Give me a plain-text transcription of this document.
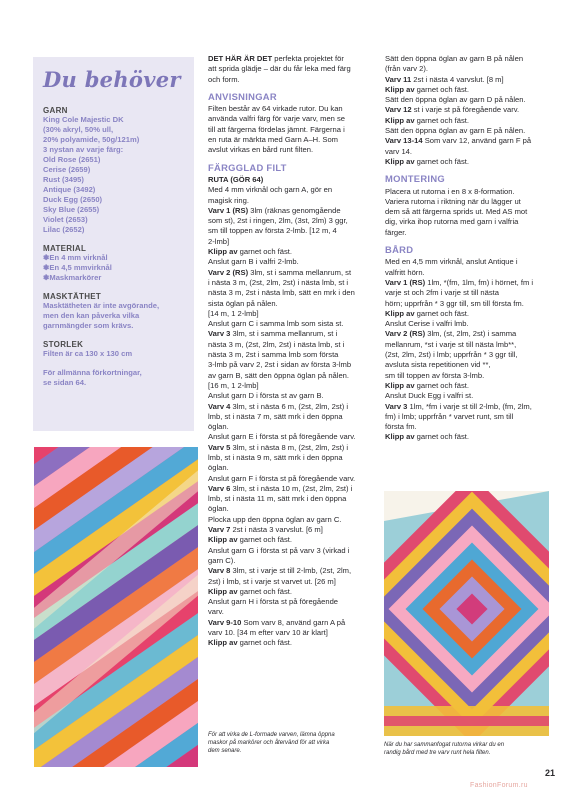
Du behöver
GARN
King Cole Majestic DK
(30% akryl, 50% ull,
20% polyamide, 50g/121m)
3 nystan av varje färg:
Old Rose (2651)
Cerise (2659)
Rust (3495)
Antique (3492)
Duck Egg (2650)
Sky Blue (2655)
Violet (2653)
Lilac (2652)
MATERIAL
❃ En 4 mm virknål
❃ En 4,5 mmvirknål
❃ Maskmarkörer
MASKTÄTHET
Masktätheten är inte avgörande,
men den kan påverka vilka
garnmängder som krävs.
STORLEK
Filten är ca 130 x 130 cm
För allmänna förkortningar,
se sidan 64.
DET HÄR ÄR DET perfekta projektet för
att sprida glädje – där du får leka med färg
och form.
ANVISNINGAR
Filten består av 64 virkade rutor. Du kan
använda valfri färg för varje varv, men se
till att färgerna fördelas jämnt. Färgerna i
en ruta är märkta med Garn A–H. Som
avslut virkas en bård runt filten.
FÄRGGLAD FILT
RUTA (GÖR 64)
Med 4 mm virknål och garn A, gör en
magisk ring.
Varv 1 (RS) 3lm (räknas genomgående
som st), 2st i ringen, 2lm, (3st, 2lm) 3 ggr,
sm till toppen av första 2-lmb. [12 m, 4
2-lmb]
Klipp av garnet och fäst.
Anslut garn B i valfri 2-lmb.
Varv 2 (RS) 3lm, st i samma mellanrum, st
i nästa 3 m, (2st, 2lm, 2st) i nästa lmb, st i
nästa 3 m, 2st i nästa lmb, sätt en mrk i den
sista öglan på nålen.
[14 m, 1 2-lmb]
Anslut garn C i samma lmb som sista st.
Varv 3 3lm, st i samma mellanrum, st i
nästa 3 m, (2st, 2lm, 2st) i nästa lmb, st i
nästa 3 m, 2st i samma lmb som första
3-lmb på varv 2, 2st i sidan av första 3-lmb
av garn B, sätt den öppna öglan på nålen.
[16 m, 1 2-lmb]
Anslut garn D i första st av garn B.
Varv 4 3lm, st i nästa 6 m, (2st, 2lm, 2st) i
lmb, st i nästa 7 m, sätt mrk i den öppna
öglan.
Anslut garn E i första st på föregående varv.
Varv 5 3lm, st i nästa 8 m, (2st, 2lm, 2st) i
lmb, st i nästa 9 m, sätt mrk i den öppna
öglan.
Anslut garn F i första st på föregående varv.
Varv 6 3lm, st i nästa 10 m, (2st, 2lm, 2st) i
lmb, st i nästa 11 m, sätt mrk i den öppna
öglan.
Plocka upp den öppna öglan av garn C.
Varv 7 2st i nästa 3 varvslut. [6 m]
Klipp av garnet och fäst.
Anslut garn G i första st på varv 3 (virkad i
garn C).
Varv 8 3lm, st i varje st till 2-lmb, (2st, 2lm,
2st) i lmb, st i varje st varvet ut. [26 m]
Klipp av garnet och fäst.
Anslut garn H i första st på föregående
varv.
Varv 9-10 Som varv 8, använd garn A på
varv 10. [34 m efter varv 10 är klart]
Klipp av garnet och fäst.
Sätt den öppna öglan av garn B på nålen
(från varv 2).
Varv 11 2st i nästa 4 varvslut. [8 m]
Klipp av garnet och fäst.
Sätt den öppna öglan av garn D på nålen.
Varv 12 st i varje st på föregående varv.
Klipp av garnet och fäst.
Sätt den öppna öglan av garn E på nålen.
Varv 13-14 Som varv 12, använd garn F på
varv 14.
Klipp av garnet och fäst.
MONTERING
Placera ut rutorna i en 8 x 8-formation.
Variera rutorna i riktning när du lägger ut
dem så att färgerna sprids ut. Med AS mot
dig, virka ihop rutorna med garn i valfria
färger.
BÅRD
Med en 4,5 mm virknål, anslut Antique i
valfritt hörn.
Varv 1 (RS) 1lm, *(fm, 1lm, fm) i hörnet, fm i
varje st och 2fm i varje st till nästa
hörn; upprfrån * 3 ggr till, sm till första fm.
Klipp av garnet och fäst.
Anslut Cerise i valfri lmb.
Varv 2 (RS) 3lm, (st, 2lm, 2st) i samma
mellanrum, *st i varje st till nästa lmb**,
(2st, 2lm, 2st) i lmb; upprfrån * 3 ggr till,
avsluta sista repetitionen vid **,
sm till toppen av första 3-lmb.
Klipp av garnet och fäst.
Anslut Duck Egg i valfri st.
Varv 3 1lm, *fm i varje st till 2-lmb, (fm, 2lm,
fm) i lmb; upprfrån * varvet runt, sm till
första fm.
Klipp av garnet och fäst.
För att virka de L-formade varven, lämna öppna
maskor på markörer och återvänd för att virka
dem senare.
När du har sammanfogat rutorna virkar du en
randig bård med tre varv runt hela filten.
21
FashionForum.ru
